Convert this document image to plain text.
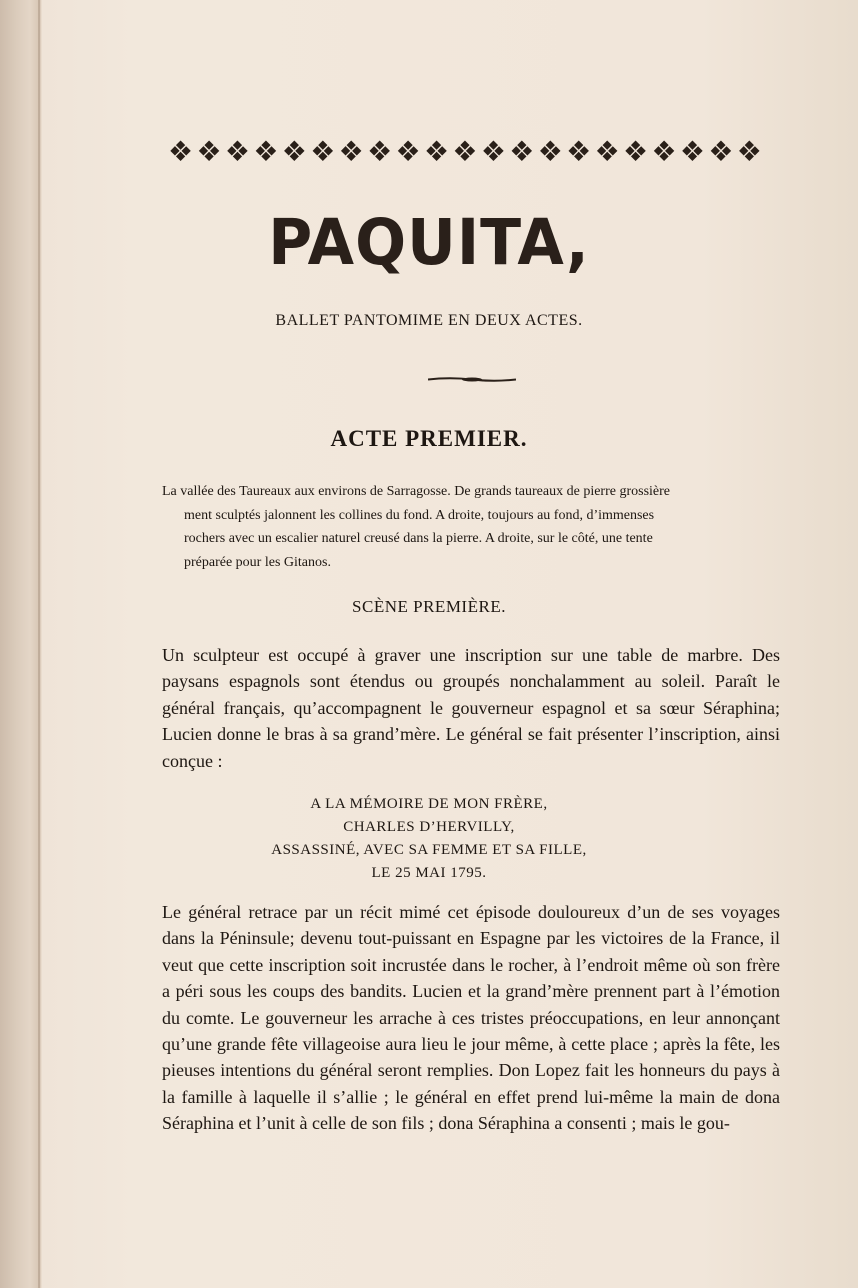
❖ ❖ ❖ ❖ ❖ ❖ ❖ ❖ ❖ ❖ ❖ ❖ ❖ ❖ ❖ ❖ ❖ ❖ ❖ ❖ ❖
PAQUITA,
BALLET PANTOMIME EN DEUX ACTES.
ACTE PREMIER.

La vallée des Taureaux aux environs de Sarragosse. De grands taureaux de pierre grossière

ment sculptés jalonnent les collines du fond. A droite, toujours au fond, d’immenses

rochers avec un escalier naturel creusé dans la pierre. A droite, sur le côté, une tente

préparée pour les Gitanos.

SCÈNE PREMIÈRE.

Un sculpteur est occupé à graver une inscription sur une table de marbre. Des paysans espagnols sont étendus ou groupés nonchalamment au soleil. Paraît le général français, qu’accompagnent le gouverneur espagnol et sa sœur Séraphina; Lucien donne le bras à sa grand’mère. Le général se fait présenter l’inscription, ainsi conçue :

A LA MÉMOIRE DE MON FRÈRE,
CHARLES D’HERVILLY,
ASSASSINÉ, AVEC SA FEMME ET SA FILLE,
LE 25 MAI 1795.

Le général retrace par un récit mimé cet épisode douloureux d’un de ses voyages dans la Péninsule; devenu tout-puissant en Espagne par les victoires de la France, il veut que cette inscription soit incrustée dans le rocher, à l’endroit même où son frère a péri sous les coups des bandits. Lucien et la grand’mère prennent part à l’émotion du comte. Le gouverneur les arrache à ces tristes préoccupations, en leur annonçant qu’une grande fête villageoise aura lieu le jour même, à cette place ; après la fête, les pieuses intentions du général seront remplies. Don Lopez fait les honneurs du pays à la famille à laquelle il s’allie ; le général en effet prend lui-même la main de dona Séraphina et l’unit à celle de son fils ; dona Séraphina a consenti ; mais le gou-
